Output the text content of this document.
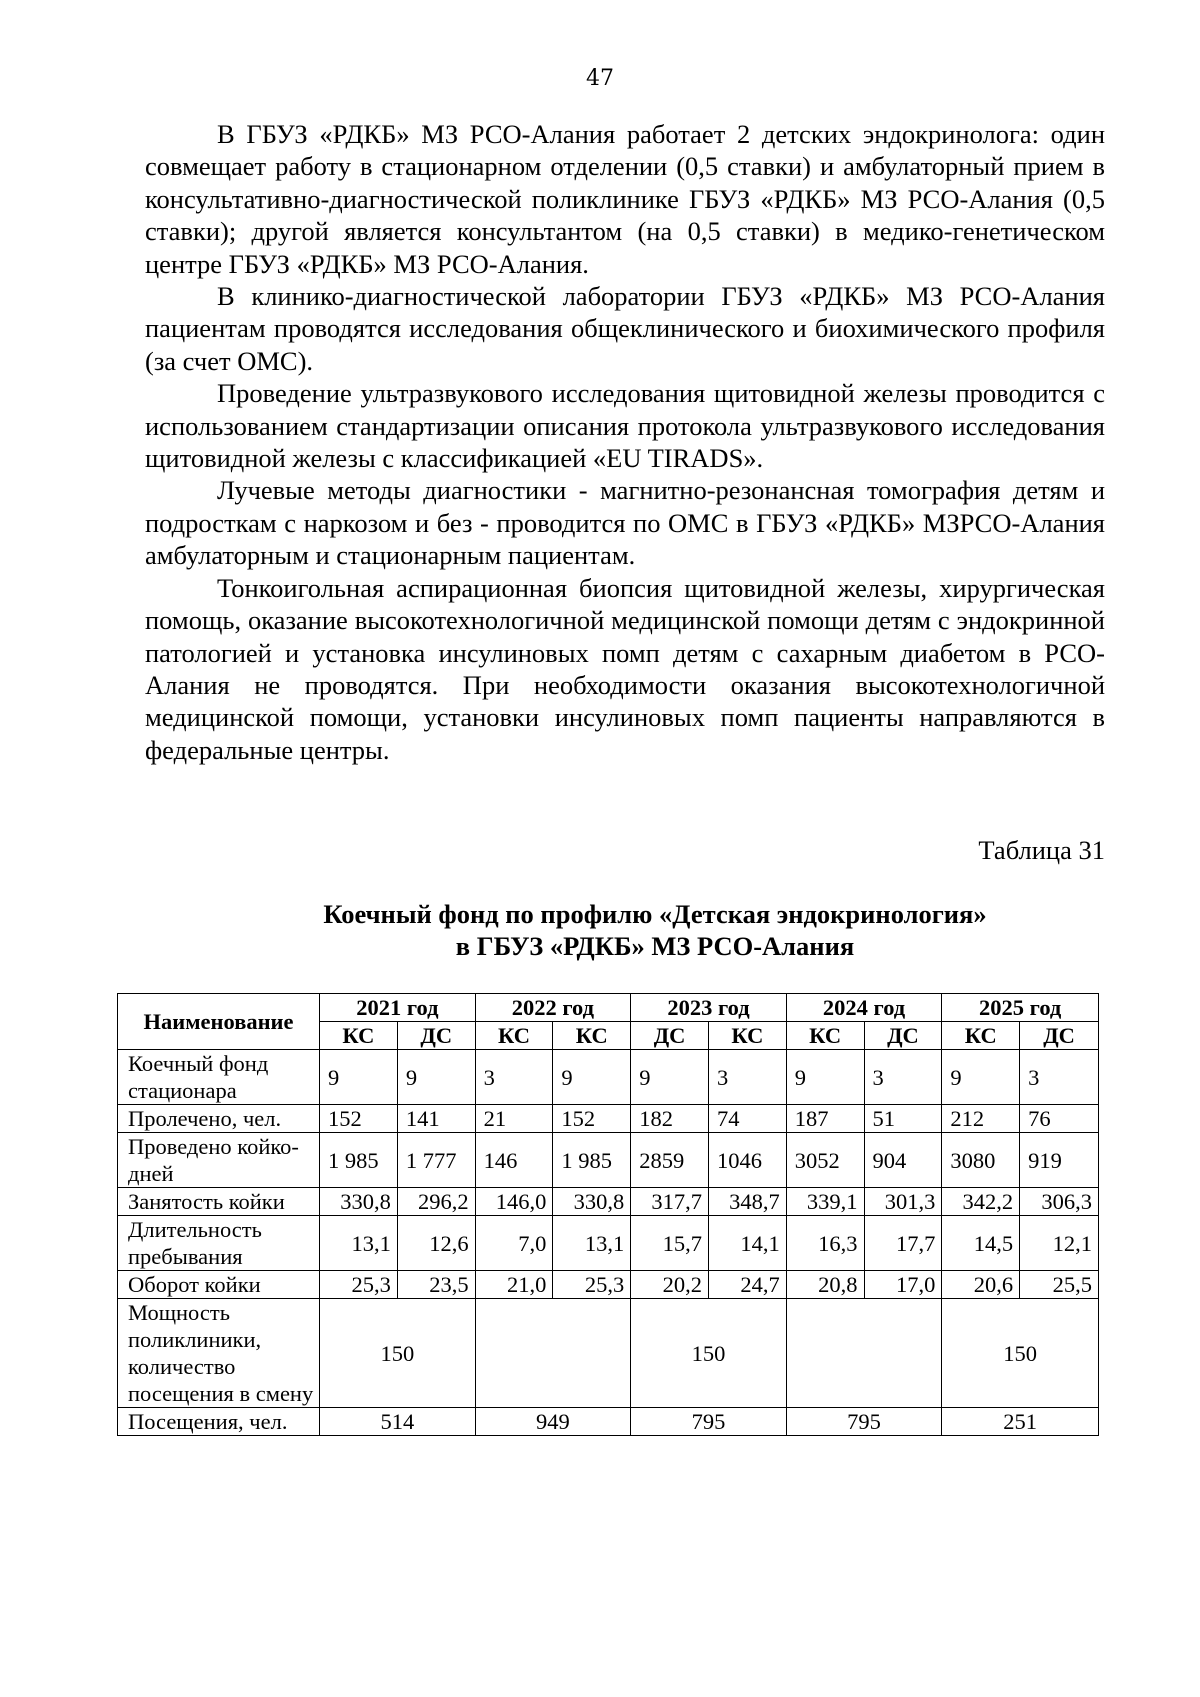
47

В ГБУЗ «РДКБ» МЗ РСО-Алания работает 2 детских эндокринолога: один совмещает работу в стационарном отделении (0,5 ставки) и амбулаторный прием в консультативно-диагностической поликлинике ГБУЗ «РДКБ» МЗ РСО-Алания (0,5 ставки); другой является консультантом (на 0,5 ставки) в медико-генетическом центре ГБУЗ «РДКБ» МЗ РСО-Алания.

В клинико-диагностической лаборатории ГБУЗ «РДКБ» МЗ РСО-Алания пациентам проводятся исследования общеклинического и биохимического профиля (за счет ОМС).

Проведение ультразвукового исследования щитовидной железы проводится с использованием стандартизации описания протокола ультразвукового исследования щитовидной железы с классификацией «EU TIRADS».

Лучевые методы диагностики - магнитно-резонансная томография детям и подросткам с наркозом и без - проводится по ОМС в ГБУЗ «РДКБ» МЗРСО-Алания амбулаторным и стационарным пациентам.

Тонкоигольная аспирационная биопсия щитовидной железы, хирургическая помощь, оказание высокотехнологичной медицинской помощи детям с эндокринной патологией и установка инсулиновых помп детям с сахарным диабетом в РСО-Алания не проводятся. При необходимости оказания высокотехнологичной медицинской помощи, установки инсулиновых помп пациенты направляются в федеральные центры.

Таблица 31
Коечный фонд по профилю «Детская эндокринология»
в ГБУЗ «РДКБ» МЗ РСО-Алания
Наименование	2021 год		2022 год		2023 год		2024 год		2025 год	
	КС	ДС	КС	КС	ДС	КС	КС	ДС	КС	ДС
Коечный фонд стационара	9	9	3	9	9	3	9	3	9	3
Пролечено, чел.	152	141	21	152	182	74	187	51	212	76
Проведено койко-дней	1 985	1 777	146	1 985	2859	1046	3052	904	3080	919
Занятость койки	330,8	296,2	146,0	330,8	317,7	348,7	339,1	301,3	342,2	306,3
Длительность пребывания	13,1	12,6	7,0	13,1	15,7	14,1	16,3	17,7	14,5	12,1
Оборот койки	25,3	23,5	21,0	25,3	20,2	24,7	20,8	17,0	20,6	25,5
Мощность поликлиники, количество посещения в смену	150				150				150	
Посещения, чел.	514		949		795		795		251	
